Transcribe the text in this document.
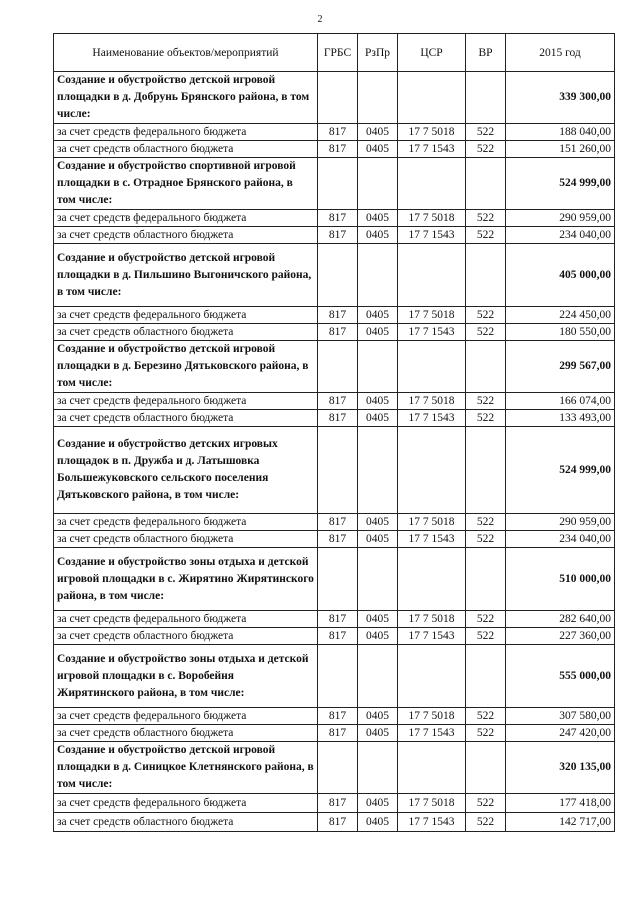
2
Наименование объектов/мероприятий	ГРБС	РзПр	ЦСР	ВР	2015 год
Создание и обустройство детской игровой площадки в д. Добрунь Брянского района, в том числе:					339 300,00
за счет средств федерального бюджета	817	0405	17 7 5018	522	188 040,00
за счет средств областного бюджета	817	0405	17 7 1543	522	151 260,00
Создание и обустройство спортивной игровой площадки в с. Отрадное Брянского района, в том числе:					524 999,00
за счет средств федерального бюджета	817	0405	17 7 5018	522	290 959,00
за счет средств областного бюджета	817	0405	17 7 1543	522	234 040,00
Создание и обустройство детской игровой площадки в д. Пильшино Выгоничского района, в том числе:					405 000,00
за счет средств федерального бюджета	817	0405	17 7 5018	522	224 450,00
за счет средств областного бюджета	817	0405	17 7 1543	522	180 550,00
Создание и обустройство детской игровой площадки в д. Березино Дятьковского района, в том числе:					299 567,00
за счет средств федерального бюджета	817	0405	17 7 5018	522	166 074,00
за счет средств областного бюджета	817	0405	17 7 1543	522	133 493,00
Создание и обустройство детских игровых площадок в п. Дружба и д. Латышовка Большежуковского сельского поселения Дятьковского района, в том числе:					524 999,00
за счет средств федерального бюджета	817	0405	17 7 5018	522	290 959,00
за счет средств областного бюджета	817	0405	17 7 1543	522	234 040,00
Создание и обустройство зоны отдыха и детской игровой площадки в с. Жирятино Жирятинского района, в том числе:					510 000,00
за счет средств федерального бюджета	817	0405	17 7 5018	522	282 640,00
за счет средств областного бюджета	817	0405	17 7 1543	522	227 360,00
Создание и обустройство зоны отдыха и детской игровой площадки в с. Воробейня Жирятинского района, в том числе:					555 000,00
за счет средств федерального бюджета	817	0405	17 7 5018	522	307 580,00
за счет средств областного бюджета	817	0405	17 7 1543	522	247 420,00
Создание и обустройство детской игровой площадки в д. Синицкое Клетнянского района, в том числе:					320 135,00
за счет средств федерального бюджета	817	0405	17 7 5018	522	177 418,00
за счет средств областного бюджета	817	0405	17 7 1543	522	142 717,00
